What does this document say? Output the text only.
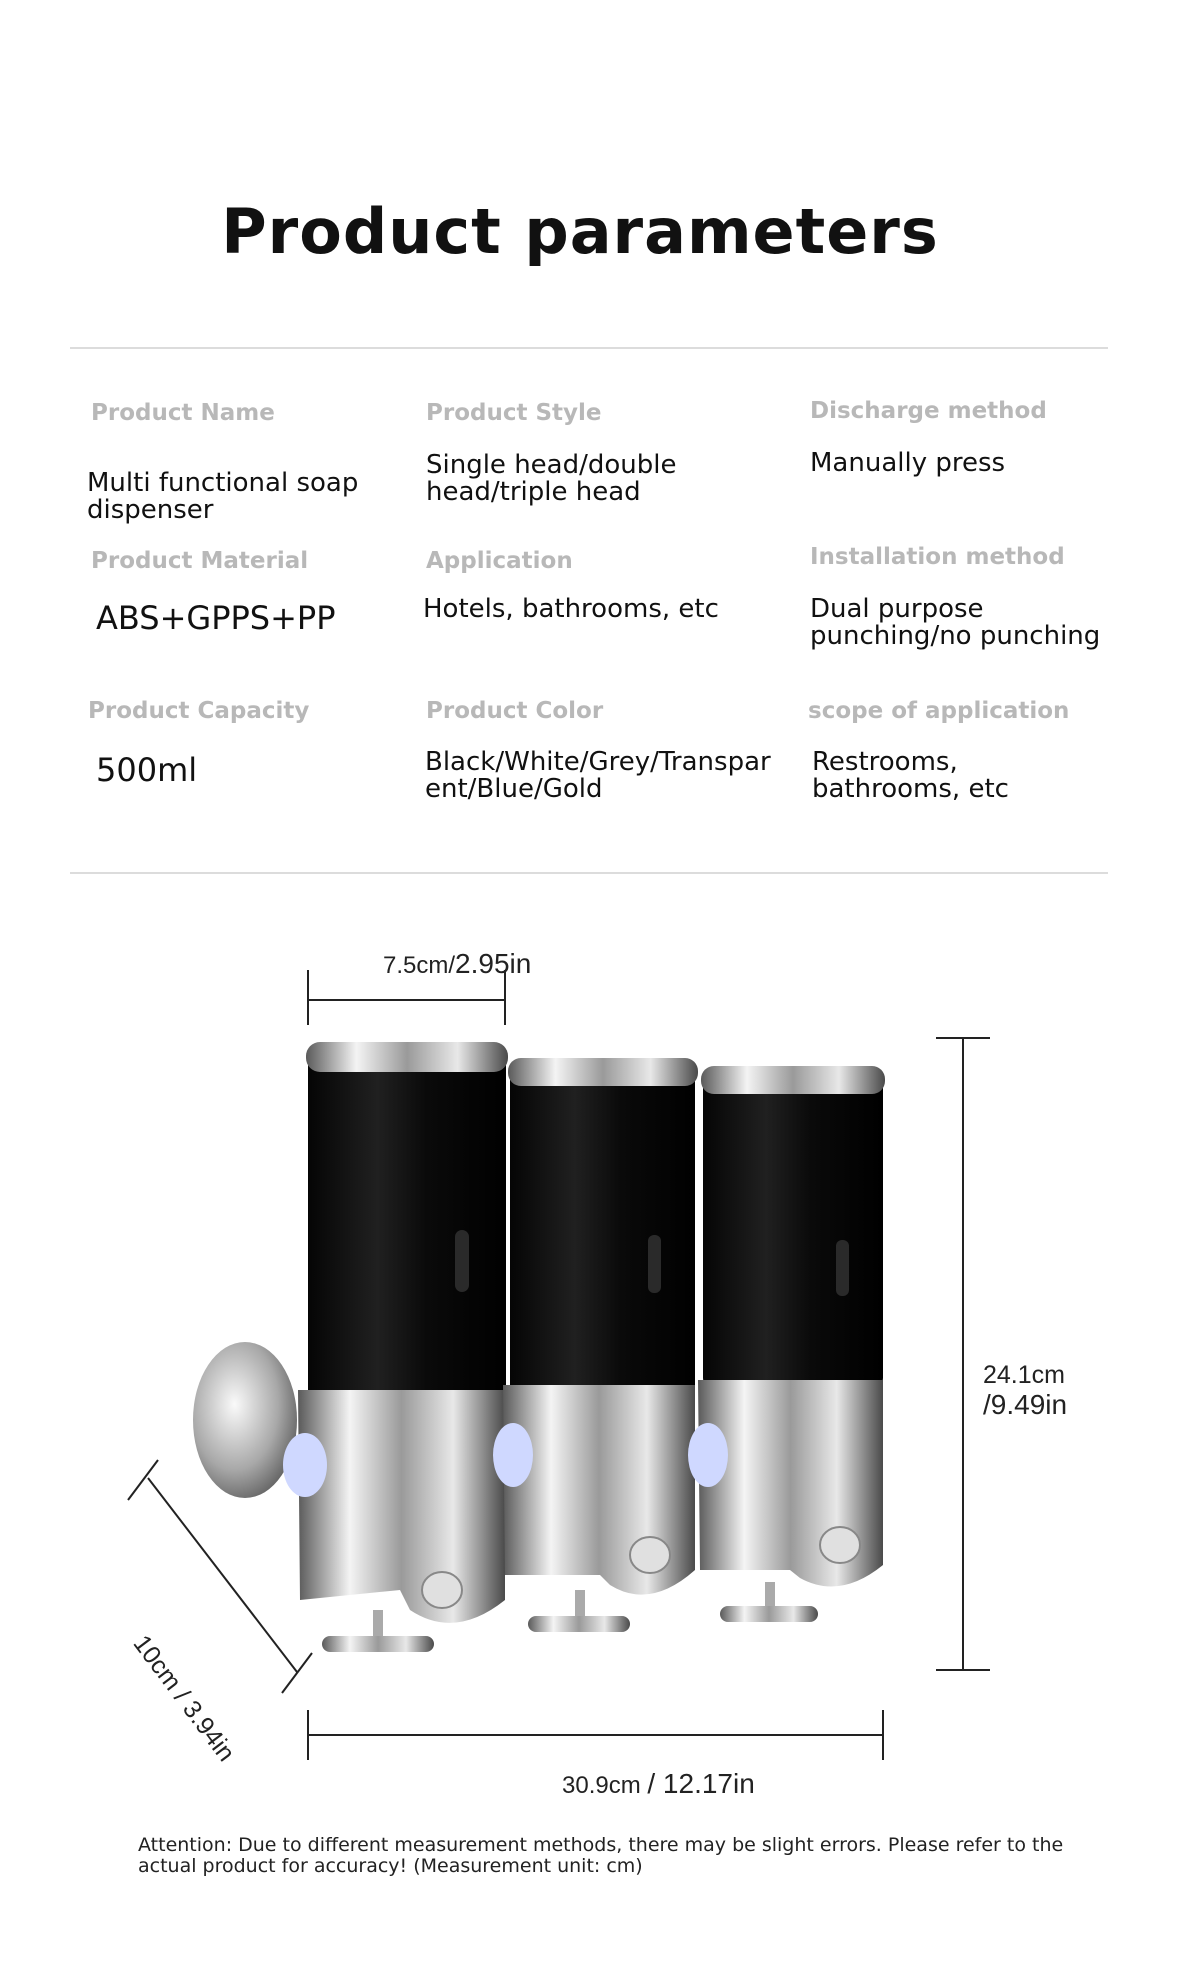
Product parameters
Product Name
Multi functional soap dispenser
Product Style
Single head/double head/triple head
Discharge method
Manually press
Product Material
ABS+GPPS+PP
Application
Hotels, bathrooms, etc
Installation method
Dual purpose punching/no punching
Product Capacity
500ml
Product Color
Black/White/Grey/Transparent/Blue/Gold
scope of application
Restrooms, bathrooms, etc
7.5cm/2.95in
24.1cm
/9.49in
10cm / 3.94in
30.9cm / 12.17in
Attention: Due to different measurement methods, there may be slight errors. Please refer to the actual product for accuracy! (Measurement unit: cm)
